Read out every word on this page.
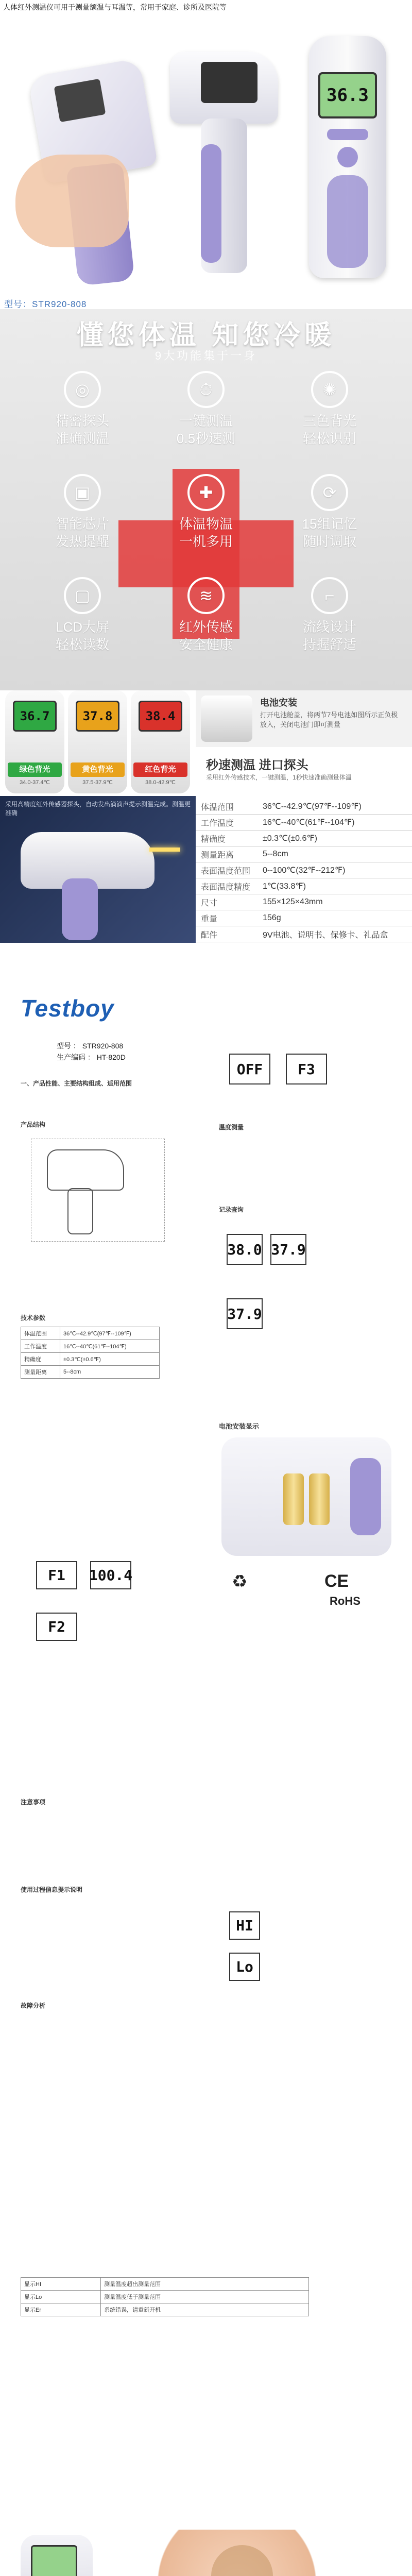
人体红外测温仪可用于测量额温与耳温等，常用于家庭、诊所及医院等
36.3
型号：STR920-808
懂您体温 知您冷暖
9大功能集于一身
◎
精密探头
准确测温
⏱
一键测温
0.5秒速测
✺
三色背光
轻松识别
▣
智能芯片
发热提醒
✚
体温物温
一机多用
⟳
15组记忆
随时调取
▢
LCD大屏
轻松读数
≋
红外传感
安全健康
⌐
流线设计
持握舒适
36.7
绿色背光
34.0-37.4℃
37.8
黄色背光
37.5-37.9℃
38.4
红色背光
38.0-42.9℃
电池安装
打开电池舱盖，将两节7号电池如图所示正负极放入，关闭电池门即可测量
秒速测温 进口探头
采用红外传感技术，一键测温，1秒快速准确测量体温
采用高精度红外传感器探头，自动发出滴滴声提示测温完成。测温更准确
体温范围	36℃--42.9℃(97℉--109℉)
工作温度	16℃--40℃(61℉--104℉)
精确度	±0.3℃(±0.6℉)
测量距离	5--8cm
表面温度范围	0--100℃(32℉--212℉)
表面温度精度	1℃(33.8℉)
尺寸	155×125×43mm
重量	156g
配件	9V电池、说明书、保修卡、礼品盒
Testboy
型号 ： STR920-808
生产编码 ： HT-820D
一、产品性能、主要结构组成、适用范围
产品结构
技术参数
体温范围	36℃--42.9℃(97℉--109℉)
工作温度	16℃--40℃(61℉--104℉)
精确度	±0.3℃(±0.6℉)
测量距离	5--8cm
OFF	F3
温度测量
记录查询
38.0 37.9
37.9
100.4
F1
F2
电池安装显示
CE
RoHS
♻
注意事项
使用过程信息提示说明
HI
Lo
故障分析
显示HI	测量温度超出测量范围
显示Lo	测量温度低于测量范围
显示Er	系统错误，请重新开机
